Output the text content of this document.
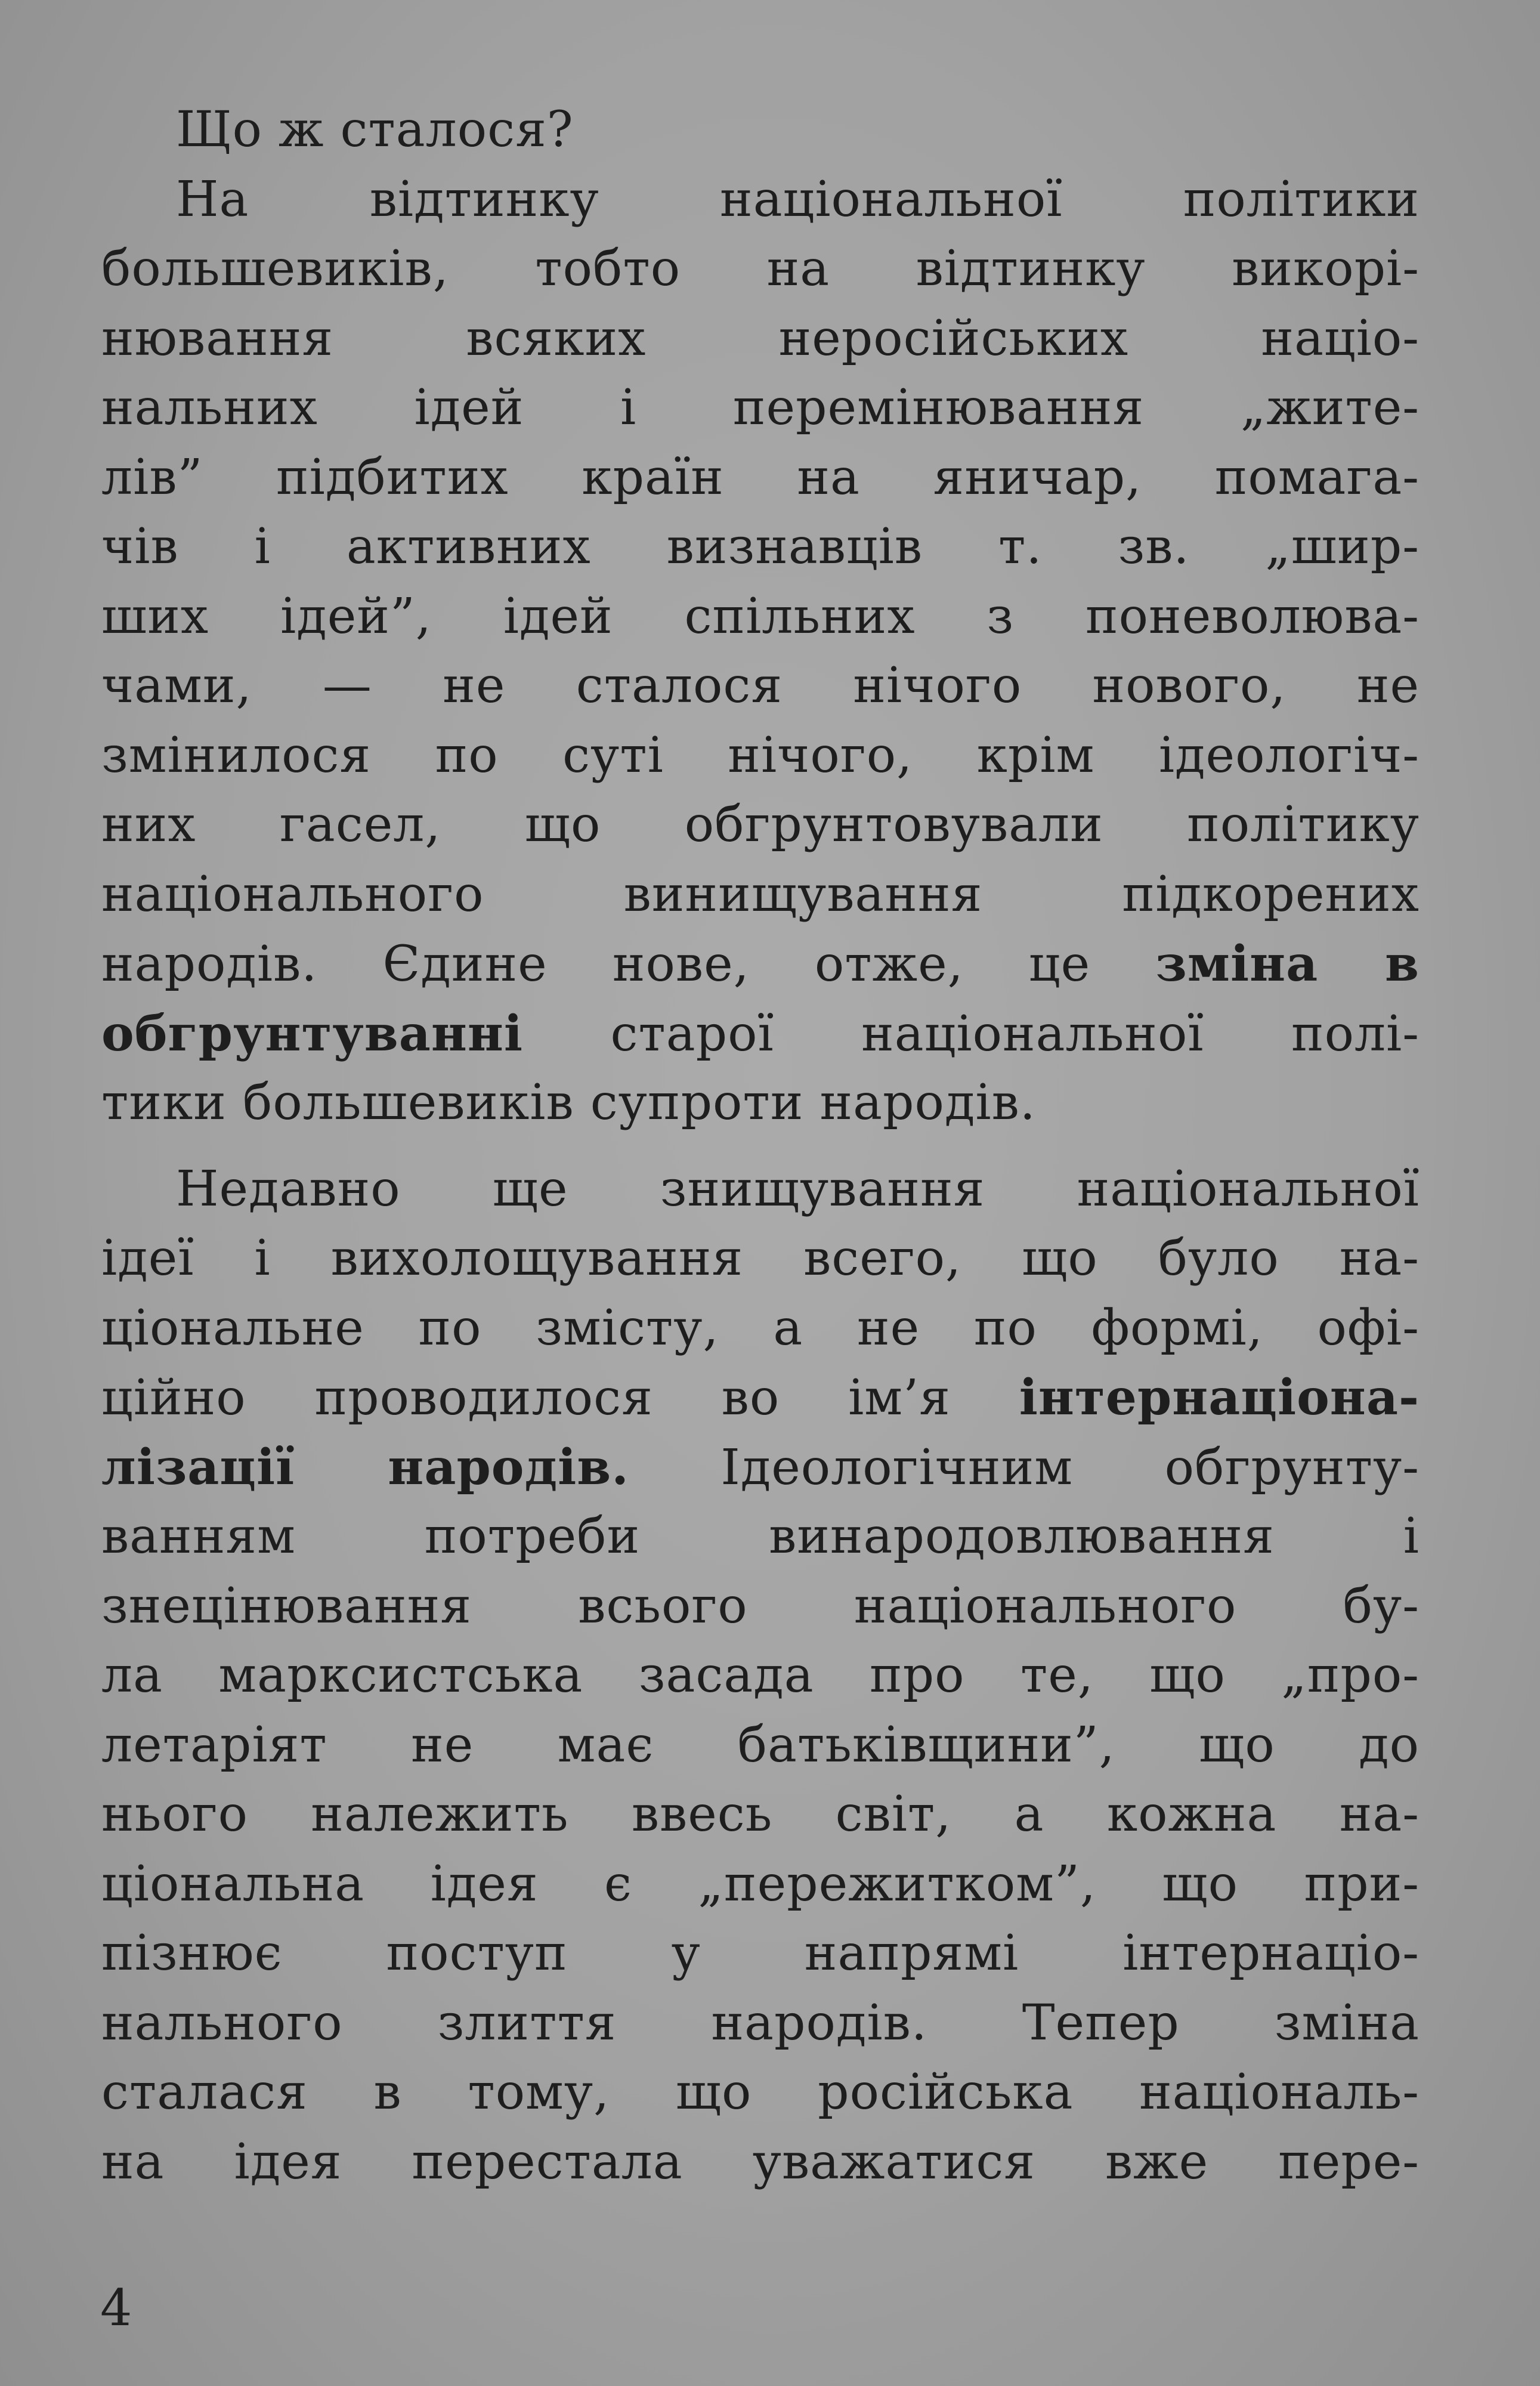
Що ж сталося?
На відтинку національної політики
большевиків, тобто на відтинку викорі-
нювання всяких неросійських націо-
нальних ідей і перемінювання „жите-
лів” підбитих країн на яничар, помага-
чів і активних визнавців т. зв. „шир-
ших ідей”, ідей спільних з поневолюва-
чами, — не сталося нічого нового, не
змінилося по суті нічого, крім ідеологіч-
них гасел, що обгрунтовували політику
національного винищування підкорених
народів. Єдине нове, отже, це зміна в
обгрунтуванні старої національної полі-
тики большевиків супроти народів.
Недавно ще знищування національної
ідеї і вихолощування всего, що було на-
ціональне по змісту, а не по формі, офі-
ційно проводилося во ім’я інтернаціона-
лізації народів. Ідеологічним обгрунту-
ванням потреби винародовлювання і
знецінювання всього національного бу-
ла марксистська засада про те, що „про-
летаріят не має батьківщини”, що до
нього належить ввесь світ, а кожна на-
ціональна ідея є „пережитком”, що при-
пізнює поступ у напрямі інтернаціо-
нального злиття народів. Тепер зміна
сталася в тому, що російська національ-
на ідея перестала уважатися вже пере-
4
